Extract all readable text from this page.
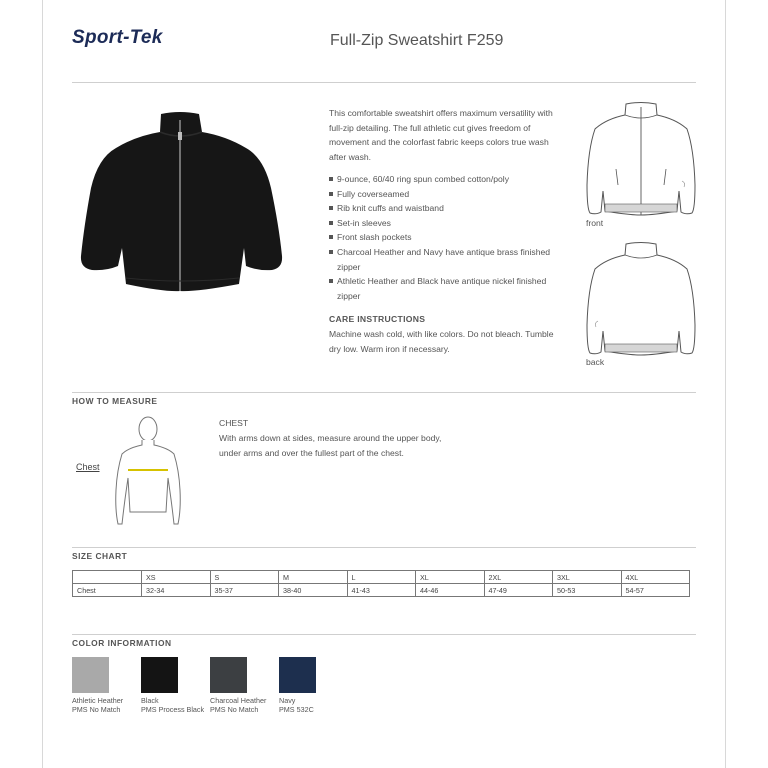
Sport-Tek	Full-Zip Sweatshirt F259
This comfortable sweatshirt offers maximum versatility with full-zip detailing. The full athletic cut gives freedom of movement and the colorfast fabric keeps colors true wash after wash.
9-ounce, 60/40 ring spun combed cotton/poly
Fully coverseamed
Rib knit cuffs and waistband
Set-in sleeves
Front slash pockets
Charcoal Heather and Navy have antique brass finished zipper
Athletic Heather and Black have antique nickel finished zipper
CARE INSTRUCTIONS
Machine wash cold, with like colors. Do not bleach. Tumble dry low. Warm iron if necessary.
front
back
HOW TO MEASURE
Chest
CHEST
With arms down at sides, measure around the upper body, under arms and over the fullest part of the chest.
SIZE CHART
	XS	S	M	L	XL	2XL	3XL	4XL
Chest	32-34	35-37	38-40	41-43	44-46	47-49	50-53	54-57
COLOR INFORMATION
Athletic Heather
PMS No Match
Black
PMS Process Black
Charcoal Heather
PMS No Match
Navy
PMS 532C
